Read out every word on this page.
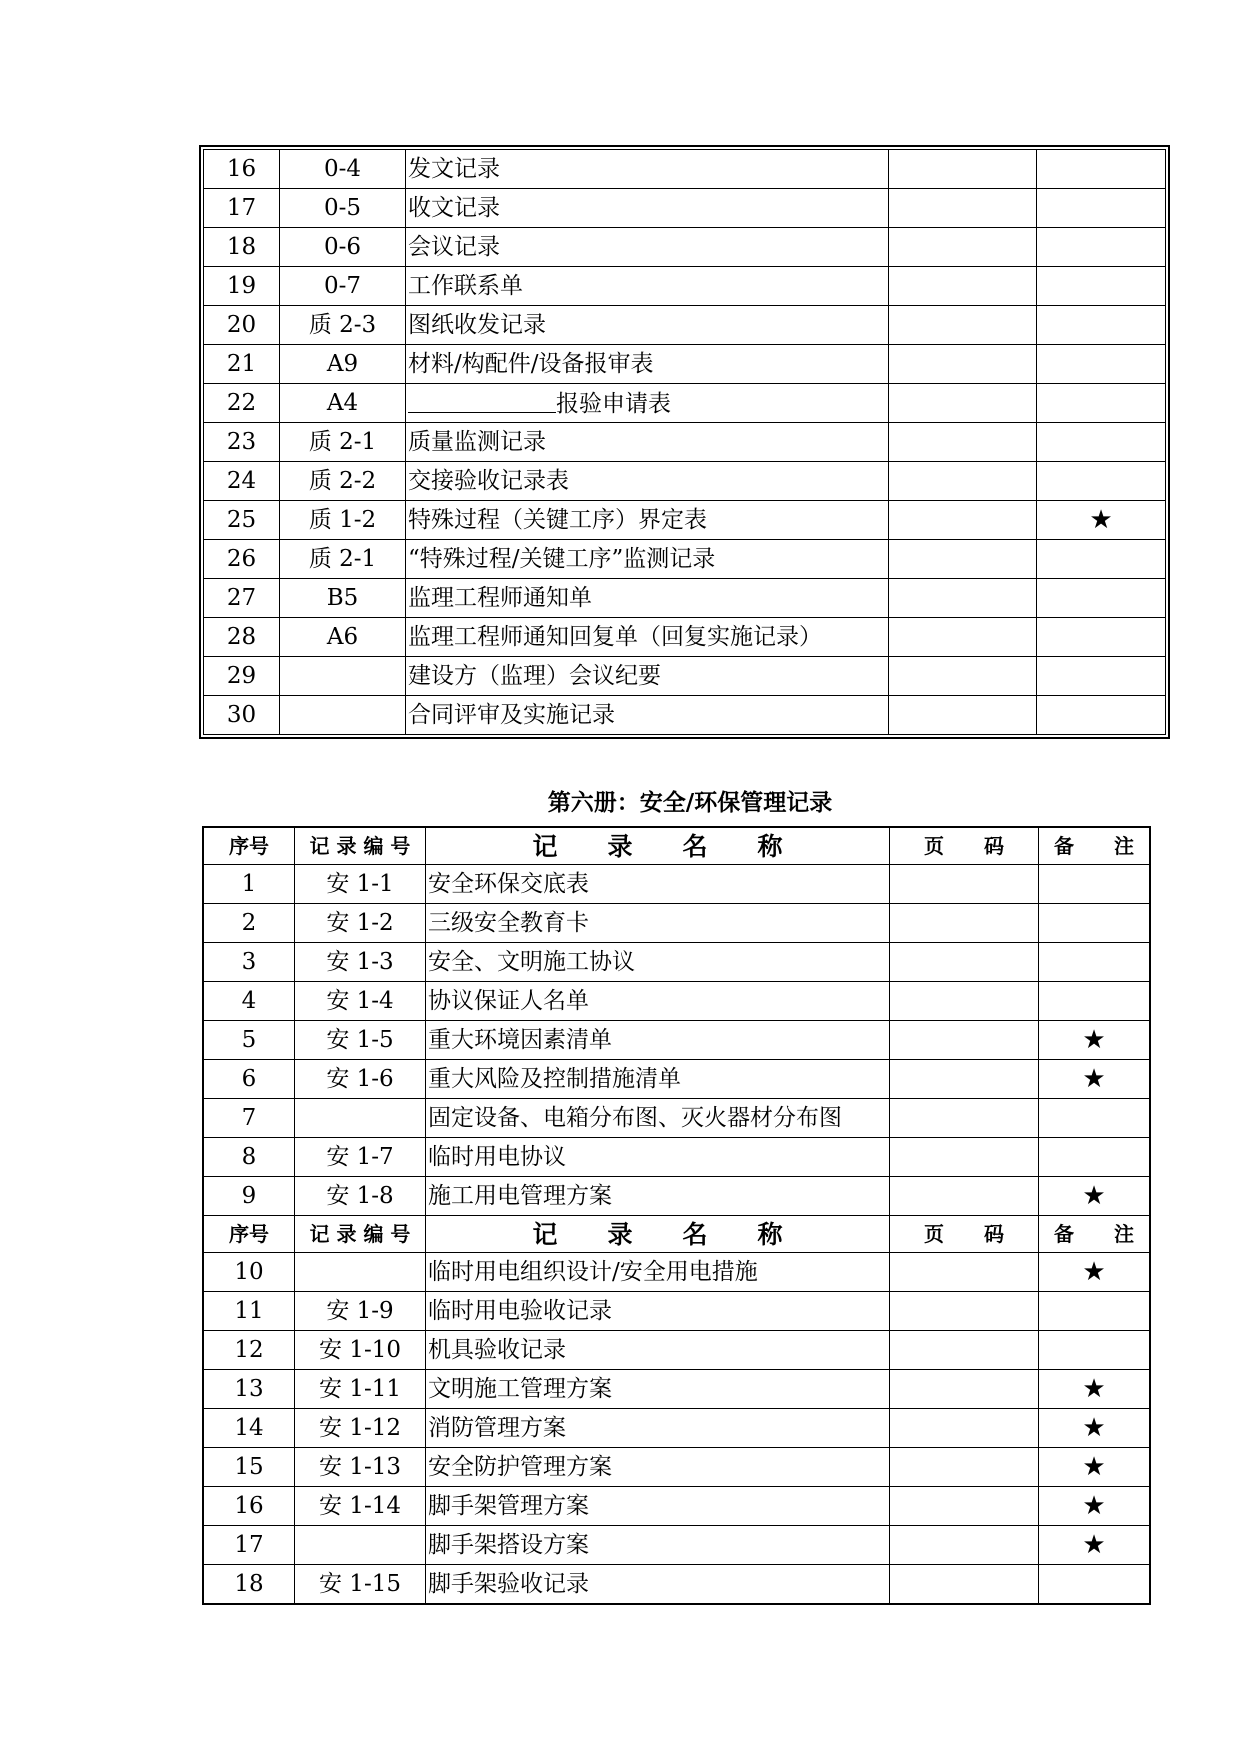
16	0-4	发文记录		
17	0-5	收文记录		
18	0-6	会议记录		
19	0-7	工作联系单		
20	质 2-3	图纸收发记录		
21	A9	材料/构配件/设备报审表		
22	A4	报验申请表		
23	质 2-1	质量监测记录		
24	质 2-2	交接验收记录表		
25	质 1-2	特殊过程（关键工序）界定表		★
26	质 2-1	“特殊过程/关键工序”监测记录		
27	B5	监理工程师通知单		
28	A6	监理工程师通知回复单（回复实施记录）		
29		建设方（监理）会议纪要		
30		合同评审及实施记录		
第六册：安全/环保管理记录
序号	记 录 编 号	记　　录　　名　　称	页　　码	备　　注
1	安 1-1	安全环保交底表		
2	安 1-2	三级安全教育卡		
3	安 1-3	安全、文明施工协议		
4	安 1-4	协议保证人名单		
5	安 1-5	重大环境因素清单		★
6	安 1-6	重大风险及控制措施清单		★
7		固定设备、电箱分布图、灭火器材分布图		
8	安 1-7	临时用电协议		
9	安 1-8	施工用电管理方案		★
序号	记 录 编 号	记　　录　　名　　称	页　　码	备　　注
10		临时用电组织设计/安全用电措施		★
11	安 1-9	临时用电验收记录		
12	安 1-10	机具验收记录		
13	安 1-11	文明施工管理方案		★
14	安 1-12	消防管理方案		★
15	安 1-13	安全防护管理方案		★
16	安 1-14	脚手架管理方案		★
17		脚手架搭设方案		★
18	安 1-15	脚手架验收记录		
